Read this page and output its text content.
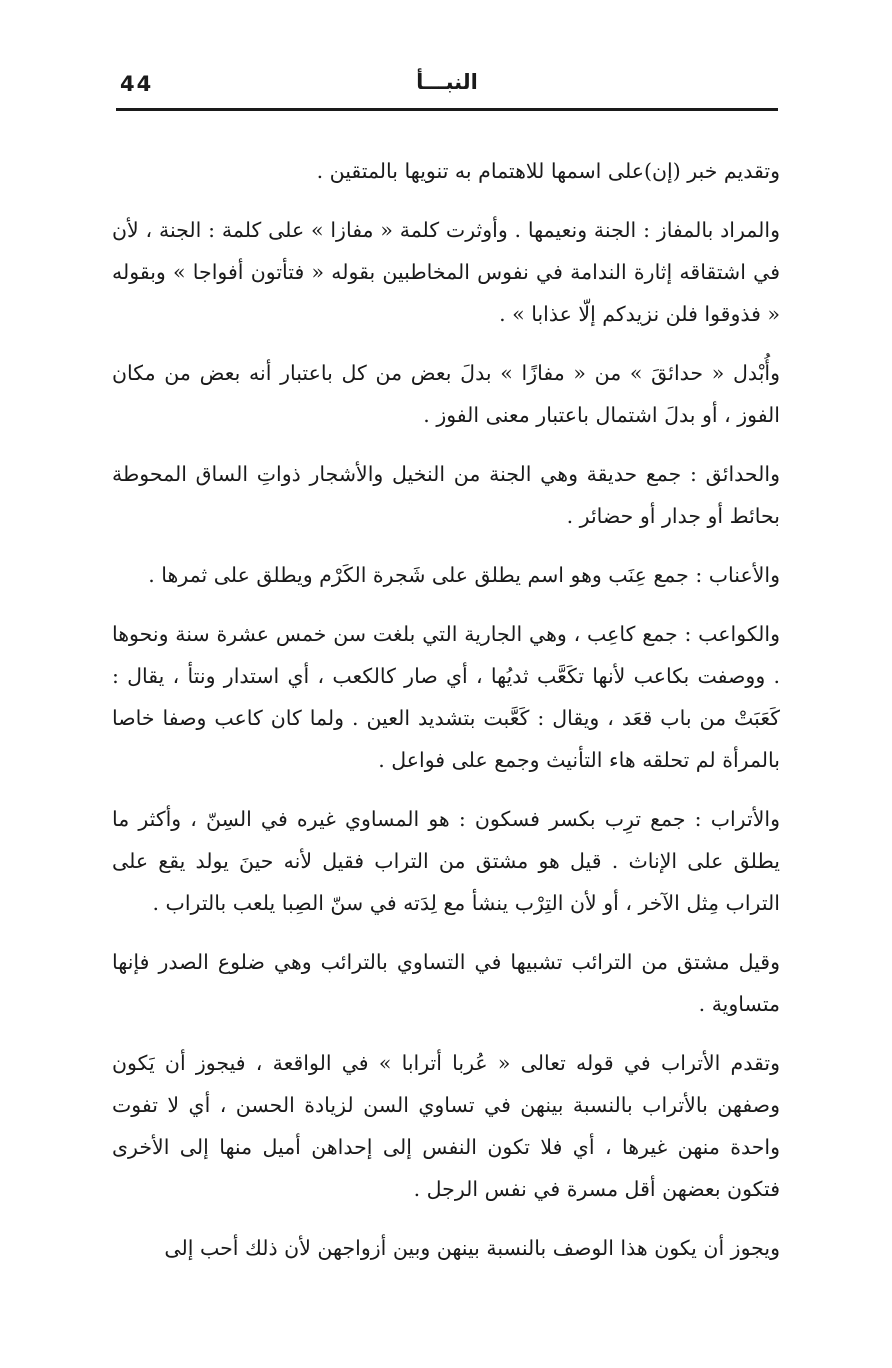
44	النبـــأ

وتقديم خبر (إن)على اسمها للاهتمام به تنويها بالمتقين .

والمراد بالمفاز : الجنة ونعيمها . وأوثرت كلمة « مفازا » على كلمة : الجنة ، لأن في اشتقاقه إثارة الندامة في نفوس المخاطبين بقوله « فتأتون أفواجا » وبقوله « فذوقوا فلن نزيدكم إلّا عذابا » .

وأُبْدل « حدائقَ » من « مفازًا » بدلَ بعض من كل باعتبار أنه بعض من مكان الفوز ، أو بدلَ اشتمال باعتبار معنى الفوز .

والحدائق : جمع حديقة وهي الجنة من النخيل والأشجار ذواتِ الساق المحوطة بحائط أو جدار أو حضائر .

والأعناب : جمع عِنَب وهو اسم يطلق على شَجرة الكَرْم ويطلق على ثمرها .

والكواعب : جمع كاعِب ، وهي الجارية التي بلغت سن خمس عشرة سنة ونحوها . ووصفت بكاعب لأنها تكَعَّب ثديُها ، أي صار كالكعب ، أي استدار ونتأ ، يقال : كَعَبَتْ من باب قعَد ، ويقال : كَعَّبت بتشديد العين . ولما كان كاعب وصفا خاصا بالمرأة لم تحلقه هاء التأنيث وجمع على فواعل .

والأتراب : جمع ترِب بكسر فسكون : هو المساوي غيره في السِنّ ، وأكثر ما يطلق على الإناث . قيل هو مشتق من التراب فقيل لأنه حينَ يولد يقع على التراب مِثل الآخر ، أو لأن التِرْب ينشأ مع لِدَته في سنّ الصِبا يلعب بالتراب .

وقيل مشتق من الترائب تشبيها في التساوي بالترائب وهي ضلوع الصدر فإنها متساوية .

وتقدم الأتراب في قوله تعالى « عُربا أترابا » في الواقعة ، فيجوز أن يَكون وصفهن بالأتراب بالنسبة بينهن في تساوي السن لزيادة الحسن ، أي لا تفوت واحدة منهن غيرها ، أي فلا تكون النفس إلى إحداهن أميل منها إلى الأخرى فتكون بعضهن أقل مسرة في نفس الرجل .

ويجوز أن يكون هذا الوصف بالنسبة بينهن وبين أزواجهن لأن ذلك أحب إلى
